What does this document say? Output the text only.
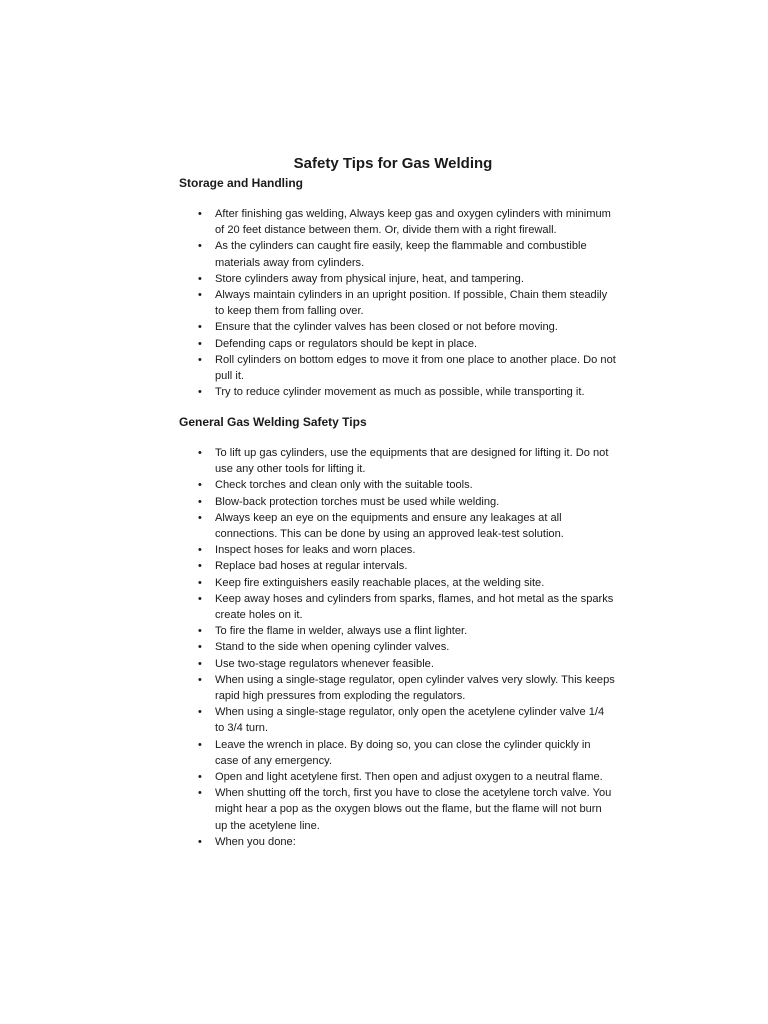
Safety Tips for Gas Welding
Storage and Handling
• After finishing gas welding, Always keep gas and oxygen cylinders with minimum of 20 feet distance between them. Or, divide them with a right firewall.
• As the cylinders can caught fire easily, keep the flammable and combustible materials away from cylinders.
• Store cylinders away from physical injure, heat, and tampering.
• Always maintain cylinders in an upright position. If possible, Chain them steadily to keep them from falling over.
• Ensure that the cylinder valves has been closed or not before moving.
• Defending caps or regulators should be kept in place.
• Roll cylinders on bottom edges to move it from one place to another place. Do not pull it.
• Try to reduce cylinder movement as much as possible, while transporting it.
General Gas Welding Safety Tips
• To lift up gas cylinders, use the equipments that are designed for lifting it. Do not use any other tools for lifting it.
• Check torches and clean only with the suitable tools.
• Blow-back protection torches must be used while welding.
• Always keep an eye on the equipments and ensure any leakages at all connections. This can be done by using an approved leak-test solution.
• Inspect hoses for leaks and worn places.
• Replace bad hoses at regular intervals.
• Keep fire extinguishers easily reachable places, at the welding site.
• Keep away hoses and cylinders from sparks, flames, and hot metal as the sparks create holes on it.
• To fire the flame in welder, always use a flint lighter.
• Stand to the side when opening cylinder valves.
• Use two-stage regulators whenever feasible.
• When using a single-stage regulator, open cylinder valves very slowly. This keeps rapid high pressures from exploding the regulators.
• When using a single-stage regulator, only open the acetylene cylinder valve 1/4 to 3/4 turn.
• Leave the wrench in place. By doing so, you can close the cylinder quickly in case of any emergency.
• Open and light acetylene first. Then open and adjust oxygen to a neutral flame.
• When shutting off the torch, first you have to close the acetylene torch valve. You might hear a pop as the oxygen blows out the flame, but the flame will not burn up the acetylene line.
• When you done:
